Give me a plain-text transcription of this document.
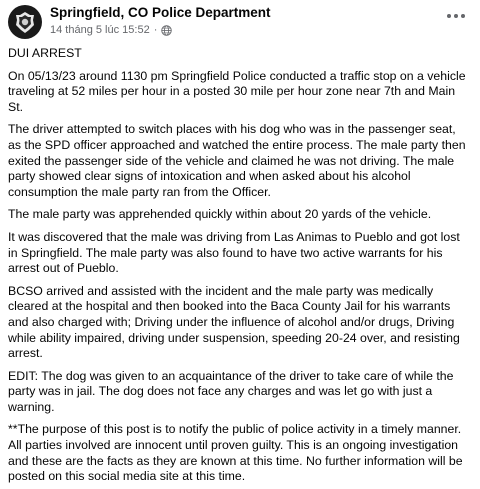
Springfield, CO Police Department
14 tháng 5 lúc 15:52 ·

DUI ARREST

On 05/13/23 around 1130 pm Springfield Police conducted a traffic stop on a vehicle traveling at 52 miles per hour in a posted 30 mile per hour zone near 7th and Main St.

The driver attempted to switch places with his dog who was in the passenger seat, as the SPD officer approached and watched the entire process. The male party then exited the passenger side of the vehicle and claimed he was not driving. The male party showed clear signs of intoxication and when asked about his alcohol consumption the male party ran from the Officer.

The male party was apprehended quickly within about 20 yards of the vehicle.

It was discovered that the male was driving from Las Animas to Pueblo and got lost in Springfield. The male party was also found to have two active warrants for his arrest out of Pueblo.

BCSO arrived and assisted with the incident and the male party was medically cleared at the hospital and then booked into the Baca County Jail for his warrants and also charged with; Driving under the influence of alcohol and/or drugs, Driving while ability impaired, driving under suspension, speeding 20-24 over, and resisting arrest.

EDIT: The dog was given to an acquaintance of the driver to take care of while the party was in jail. The dog does not face any charges and was let go with just a warning.

**The purpose of this post is to notify the public of police activity in a timely manner. All parties involved are innocent until proven guilty. This is an ongoing investigation and these are the facts as they are known at this time. No further information will be posted on this social media site at this time.
